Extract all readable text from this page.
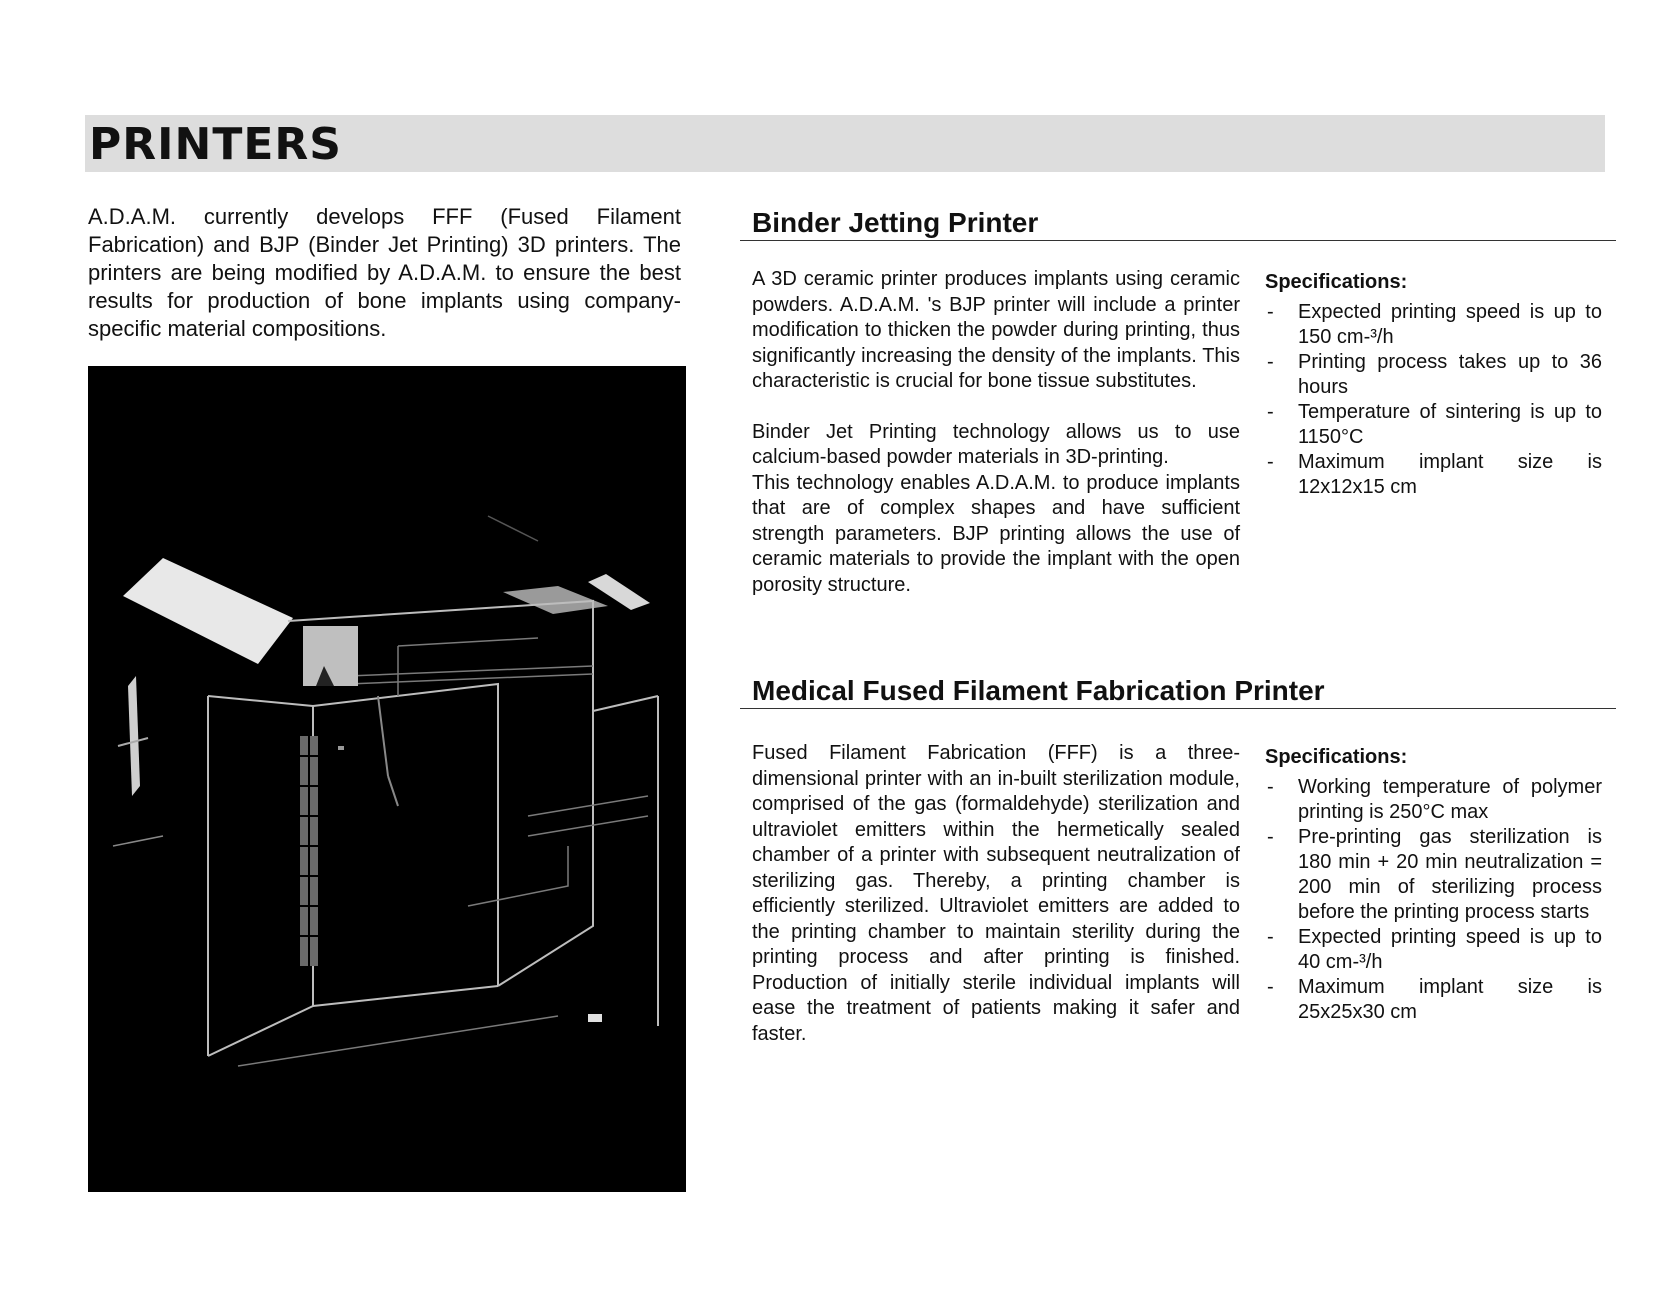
PRINTERS

A.D.A.M. currently develops FFF (Fused Filament Fabrication) and BJP (Binder Jet Printing) 3D printers. The printers are being modified by A.D.A.M. to ensure the best results for production of bone implants using company-specific material compositions.

Binder Jetting Printer

A 3D ceramic printer produces implants using ceramic powders. A.D.A.M. 's BJP printer will include a printer modification to thicken the powder during printing, thus significantly increasing the density of the implants. This characteristic is crucial for bone tissue substitutes.

Binder Jet Printing technology allows us to use calcium-based powder materials in 3D-printing.

This technology enables A.D.A.M. to produce implants that are of complex shapes and have sufficient strength parameters. BJP printing allows the use of ceramic materials to provide the implant with the open porosity structure.

Specifications:

- Expected printing speed is up to 150 cm-³/h
- Printing process takes up to 36 hours
- Temperature of sintering is up to 1150°C
- Maximum implant size is 12x12x15 cm
Medical Fused Filament Fabrication Printer

Fused Filament Fabrication (FFF) is a three-dimensional printer with an in-built sterilization module, comprised of the gas (formaldehyde) sterilization and ultraviolet emitters within the hermetically sealed chamber of a printer with subsequent neutralization of sterilizing gas. Thereby, a printing chamber is efficiently sterilized. Ultraviolet emitters are added to the printing chamber to maintain sterility during the printing process and after printing is finished. Production of initially sterile individual implants will ease the treatment of patients making it safer and faster.

Specifications:

- Working temperature of polymer printing is 250°C max
- Pre-printing gas sterilization is 180 min + 20 min neutralization = 200 min of sterilizing process before the printing process starts
- Expected printing speed is up to 40 cm-³/h
- Maximum implant size is 25x25x30 cm
